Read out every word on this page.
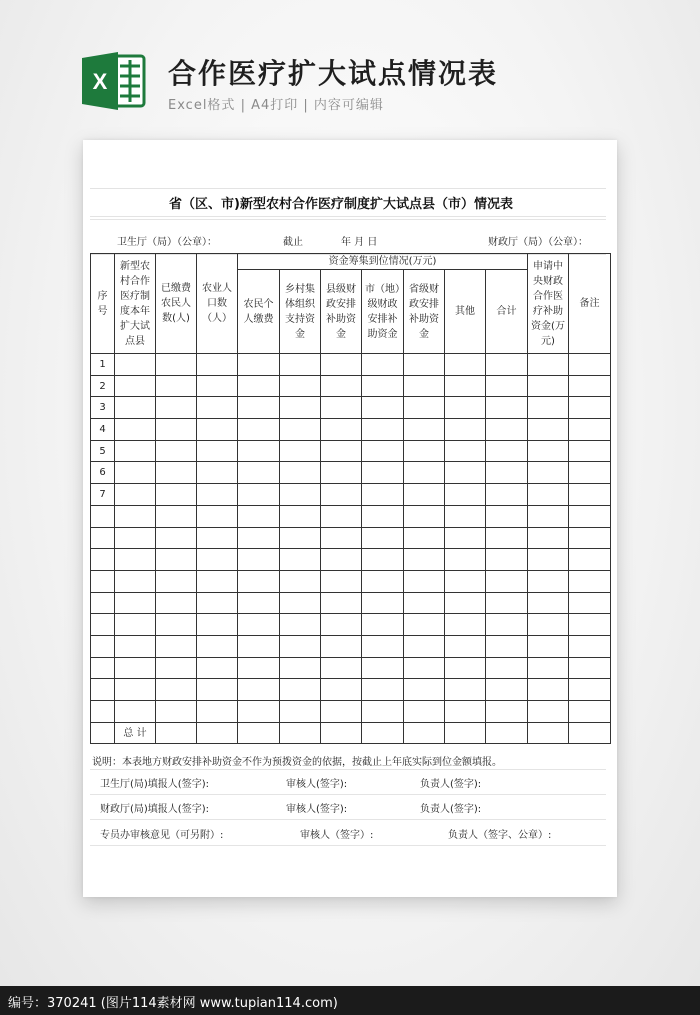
X 合作医疗扩大试点情况表
Excel格式 | A4打印 | 内容可编辑
省（区、市)新型农村合作医疗制度扩大试点县（市）情况表
卫生厅（局）（公章）：	截止	年 月 日	财政厅（局）（公章）：
序号	新型农村合作医疗制度本年扩大试点县	已缴费农民人数(人)	农业人口数（人）	资金筹集到位情况(万元)							申请中央财政合作医疗补助资金(万元)	备注
				农民个人缴费	乡村集体组织支持资金	县级财政安排补助资金	市（地）级财政安排补助资金	省级财政安排补助资金	其他	合计		
1												
2												
3												
4												
5												
6												
7												

	总 计											
说明：本表地方财政安排补助资金不作为预拨资金的依据，按截止上年底实际到位金额填报。
卫生厅(局)填报人(签字):	审核人(签字):	负责人(签字):
财政厅(局)填报人(签字):	审核人(签字):	负责人(签字):
专员办审核意见（可另附）:	审核人（签字）:	负责人（签字、公章）:
编号：370241 (图片114素材网 www.tupian114.com)
